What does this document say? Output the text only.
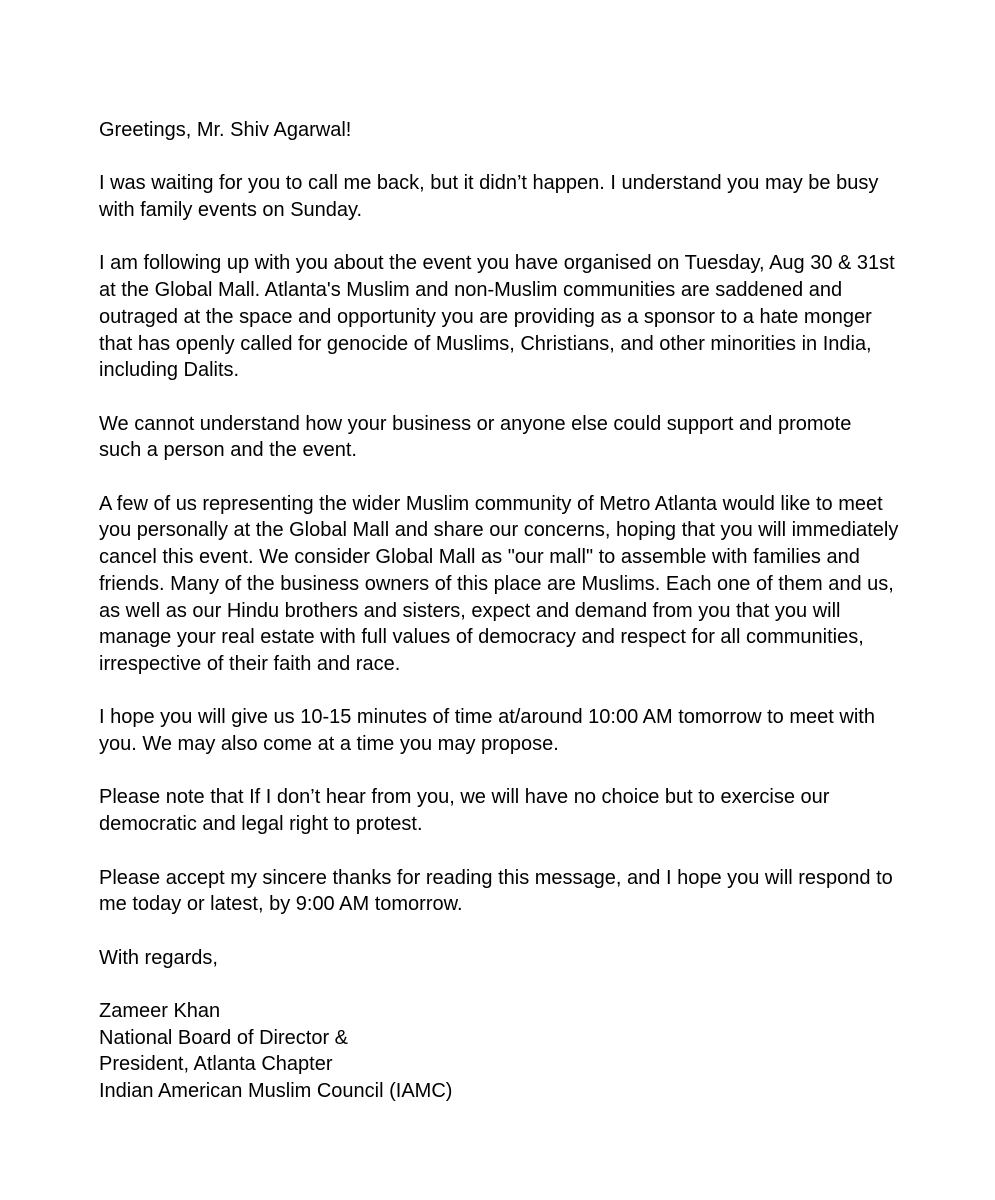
Greetings, Mr. Shiv Agarwal!

I was waiting for you to call me back, but it didn’t happen. I understand you may be busy with family events on Sunday.

I am following up with you about the event you have organised on Tuesday, Aug 30 & 31st at the Global Mall. Atlanta's Muslim and non-Muslim communities are saddened and outraged at the space and opportunity you are providing as a sponsor to a hate monger that has openly called for genocide of Muslims, Christians, and other minorities in India, including Dalits.

We cannot understand how your business or anyone else could support and promote such a person and the event.

A few of us representing the wider Muslim community of Metro Atlanta would like to meet you personally at the Global Mall and share our concerns, hoping that you will immediately cancel this event. We consider Global Mall as "our mall" to assemble with families and friends. Many of the business owners of this place are Muslims. Each one of them and us, as well as our Hindu brothers and sisters, expect and demand from you that you will manage your real estate with full values of democracy and respect for all communities, irrespective of their faith and race.

I hope you will give us 10-15 minutes of time at/around 10:00 AM tomorrow to meet with you. We may also come at a time you may propose.

Please note that If I don’t hear from you, we will have no choice but to exercise our democratic and legal right to protest.

Please accept my sincere thanks for reading this message, and I hope you will respond to me today or latest, by 9:00 AM tomorrow.

With regards,

Zameer Khan
National Board of Director &
President, Atlanta Chapter
Indian American Muslim Council (IAMC)
